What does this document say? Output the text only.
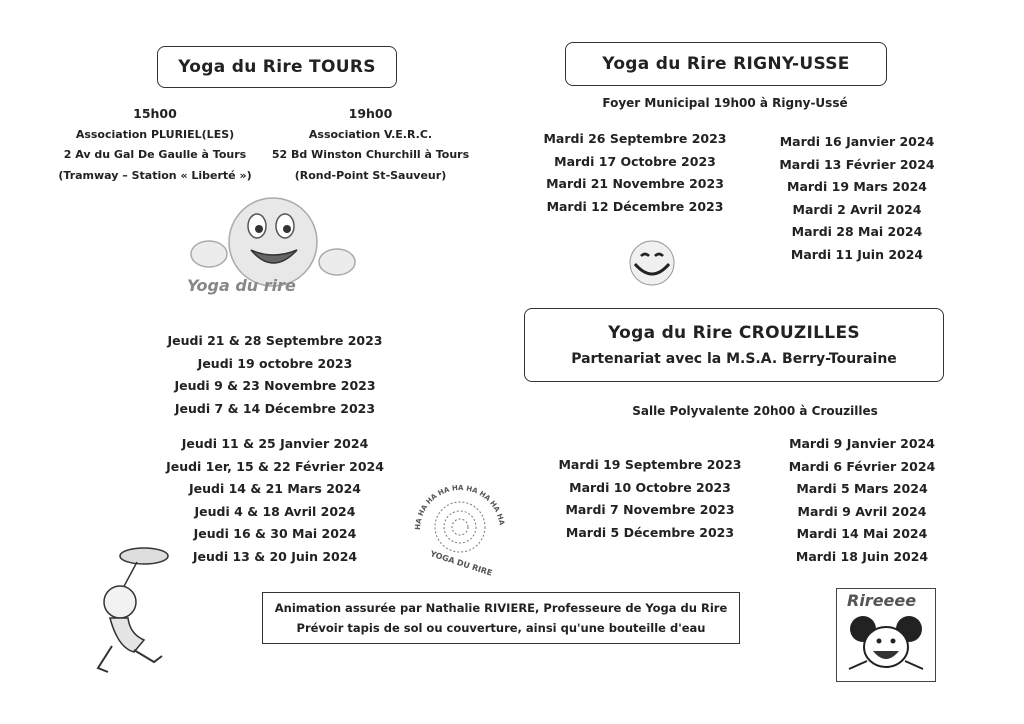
Yoga du Rire TOURS
15h00
Association PLURIEL(LES)
2 Av du Gal De Gaulle à Tours
(Tramway – Station « Liberté »)
19h00
Association V.E.R.C.
52 Bd Winston Churchill à Tours
(Rond-Point St-Sauveur)
Yoga du rire
Jeudi 21 & 28 Septembre 2023
Jeudi 19 octobre 2023
Jeudi 9 & 23 Novembre 2023
Jeudi 7 & 14 Décembre 2023
Jeudi 11 & 25 Janvier 2024
Jeudi 1er, 15 & 22 Février 2024
Jeudi 14 & 21 Mars 2024
Jeudi 4 & 18 Avril 2024
Jeudi 16 & 30 Mai 2024
Jeudi 13 & 20 Juin 2024
HA HA HA HA HA HA HA HA HA
YOGA DU RIRE
Yoga du Rire RIGNY-USSE
Foyer Municipal 19h00 à Rigny-Ussé
Mardi 26 Septembre 2023
Mardi 17 Octobre 2023
Mardi 21 Novembre 2023
Mardi 12 Décembre 2023
Mardi 16 Janvier 2024
Mardi 13 Février 2024
Mardi 19 Mars 2024
Mardi 2 Avril 2024
Mardi 28 Mai 2024
Mardi 11 Juin 2024
Yoga du Rire CROUZILLES
Partenariat avec la M.S.A. Berry-Touraine
Salle Polyvalente 20h00 à Crouzilles
Mardi 19 Septembre 2023
Mardi 10 Octobre 2023
Mardi 7 Novembre 2023
Mardi 5 Décembre 2023
Mardi 9 Janvier 2024
Mardi 6 Février 2024
Mardi 5 Mars 2024
Mardi 9 Avril 2024
Mardi 14 Mai 2024
Mardi 18 Juin 2024
Animation assurée par Nathalie RIVIERE, Professeure de Yoga du Rire
Prévoir tapis de sol ou couverture, ainsi qu'une bouteille d'eau
Rireeee
